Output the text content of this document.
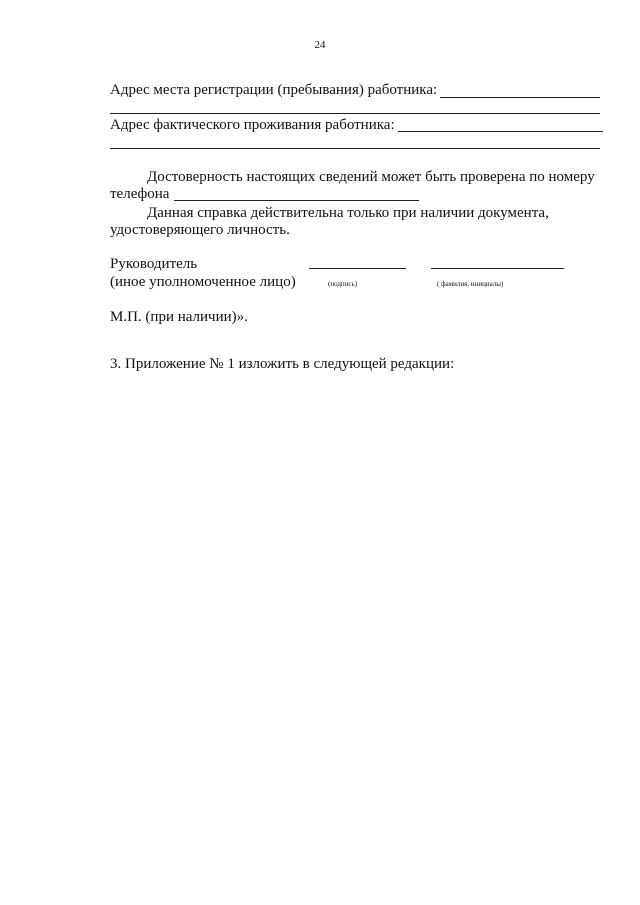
24
Адрес места регистрации (пребывания) работника:
Адрес фактического проживания работника:
Достоверность настоящих сведений может быть проверена по номеру
телефона
Данная справка действительна только при наличии документа,
удостоверяющего личность.
Руководитель
(иное уполномоченное лицо)	(подпись)	( фамилия, инициалы)
М.П. (при наличии)».
3. Приложение № 1 изложить в следующей редакции:
